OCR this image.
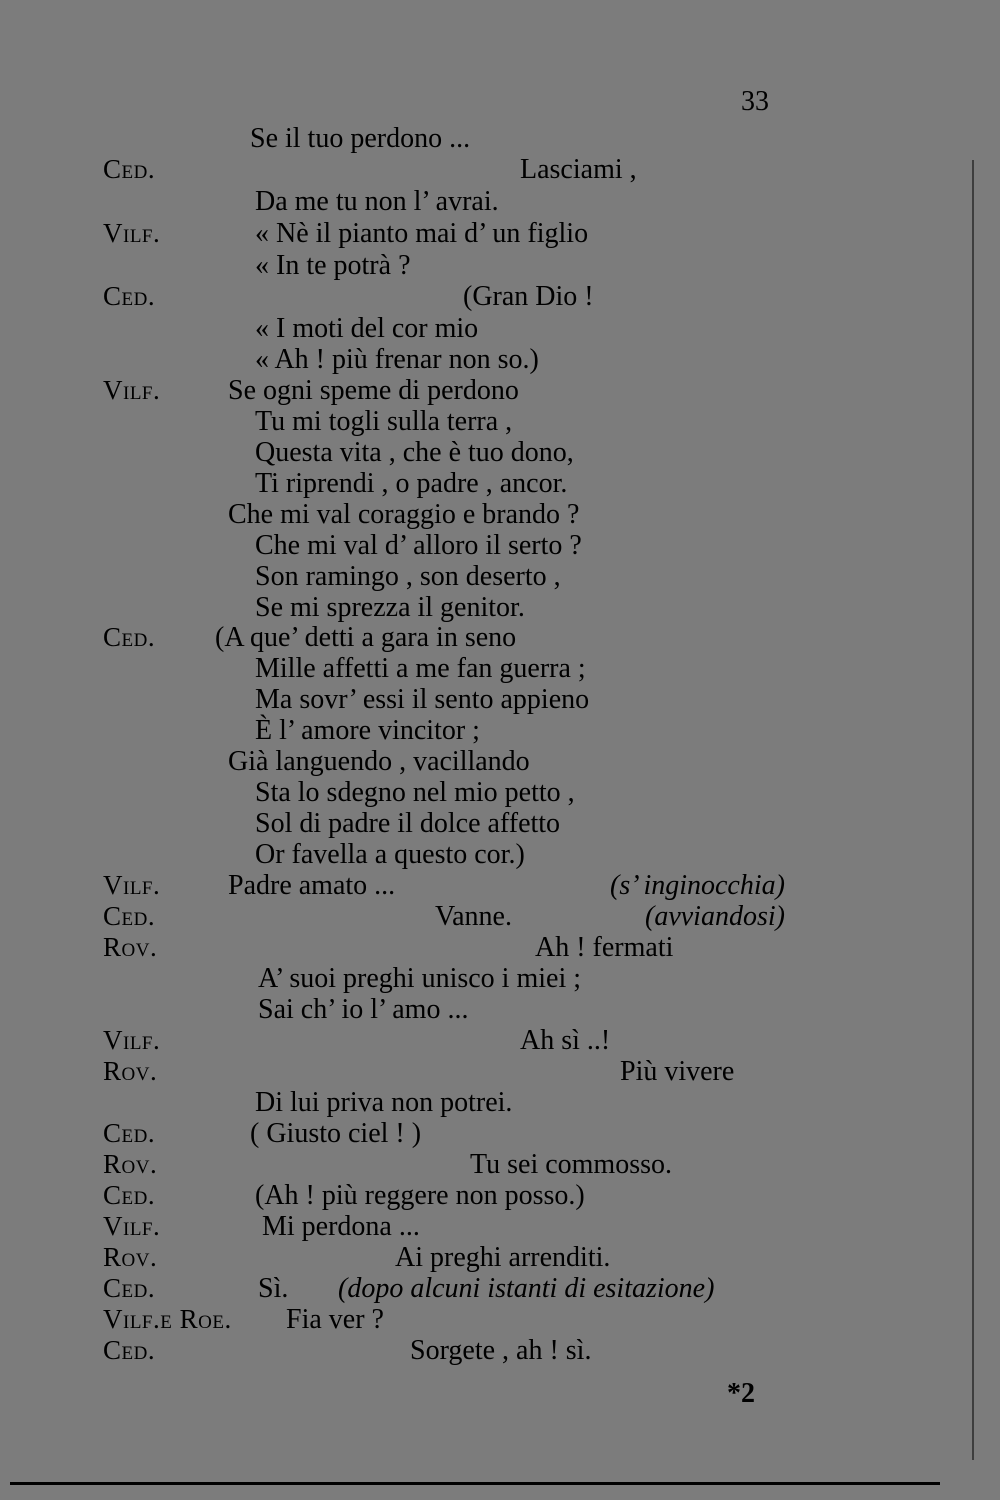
33
Se il tuo perdono ...
Ced.	Lasciami ,
Da me tu non l’ avrai.
Vilf.	« Nè il pianto mai d’ un figlio
« In te potrà ?
Ced.	(Gran Dio !
« I moti del cor mio
« Ah ! più frenar non so.)
Vilf. Se ogni speme di perdono
Tu mi togli sulla terra ,
Questa vita , che è tuo dono,
Ti riprendi , o padre , ancor.
Che mi val coraggio e brando ?
Che mi val d’ alloro il serto ?
Son ramingo , son deserto ,
Se mi sprezza il genitor.
Ced. (A que’ detti a gara in seno
Mille affetti a me fan guerra ;
Ma sovr’ essi il sento appieno
È l’ amore vincitor ;
Già languendo , vacillando
Sta lo sdegno nel mio petto ,
Sol di padre il dolce affetto
Or favella a questo cor.)
Vilf. Padre amato ...	(s’ inginocchia)
Ced.	Vanne.	(avviandosi)
Rov.	Ah ! fermati
A’ suoi preghi unisco i miei ;
Sai ch’ io l’ amo ...
Vilf.	Ah sì ..!
Rov.	Più vivere
Di lui priva non potrei.
Ced.	( Giusto ciel ! )
Rov.	Tu sei commosso.
Ced.	(Ah ! più reggere non posso.)
Vilf.	Mi perdona ...
Rov.	Ai preghi arrenditi.
Ced.	Sì. (dopo alcuni istanti di esitazione)
Vilf.e Roe. Fia ver ?
Ced.	Sorgete , ah ! sì.
*2
